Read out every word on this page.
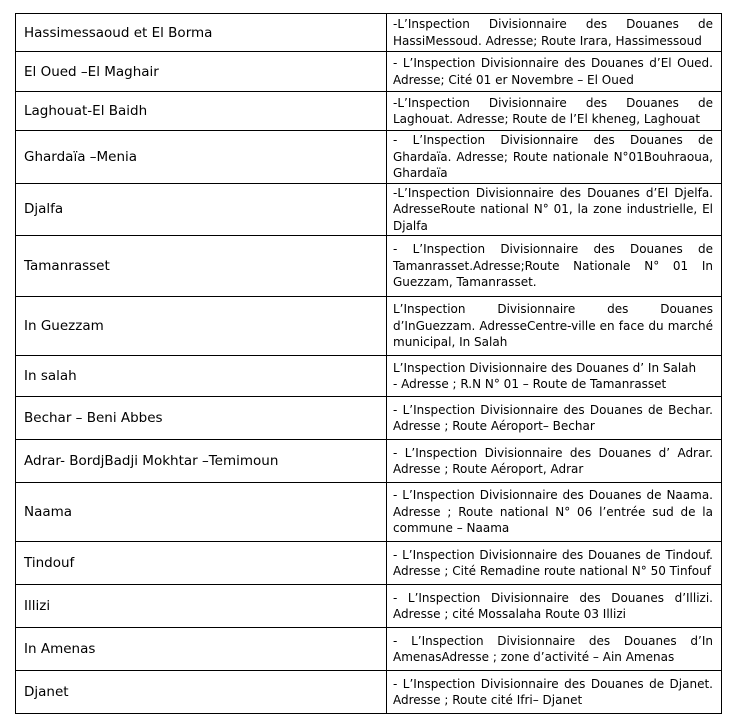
Hassimessaoud et El Borma	-L’Inspection Divisionnaire des Douanes de HassiMessoud. Adresse; Route Irara, Hassimessoud

El Oued –El Maghair	- L’Inspection Divisionnaire des Douanes d’El Oued. Adresse; Cité 01 er Novembre – El Oued

Laghouat-El Baidh	-L’Inspection Divisionnaire des Douanes de Laghouat. Adresse; Route de l’El kheneg, Laghouat

Ghardaïa –Menia	- L’Inspection Divisionnaire des Douanes de Ghardaïa. Adresse; Route nationale N°01Bouhraoua, Ghardaïa

Djalfa	-L’Inspection Divisionnaire des Douanes d’El Djelfa. AdresseRoute national N° 01, la zone industrielle, El Djalfa

Tamanrasset	- L’Inspection Divisionnaire des Douanes de Tamanrasset.Adresse;Route Nationale N° 01 In Guezzam, Tamanrasset.

In Guezzam	L’Inspection Divisionnaire des Douanes d’InGuezzam. AdresseCentre-ville en face du marché municipal, In Salah

In salah	L’Inspection Divisionnaire des Douanes d’ In Salah
- Adresse ; R.N N° 01 – Route de Tamanrasset

Bechar – Beni Abbes	- L’Inspection Divisionnaire des Douanes de Bechar. Adresse ; Route Aéroport– Bechar

Adrar- BordjBadji Mokhtar –Temimoun	- L’Inspection Divisionnaire des Douanes d’ Adrar. Adresse ; Route Aéroport, Adrar

Naama	- L’Inspection Divisionnaire des Douanes de Naama. Adresse ; Route national N° 06 l’entrée sud de la commune – Naama

Tindouf	- L’Inspection Divisionnaire des Douanes de Tindouf. Adresse ; Cité Remadine route national N° 50 Tinfouf

Illizi	- L’Inspection Divisionnaire des Douanes d’Illizi. Adresse ; cité Mossalaha Route 03 Illizi

In Amenas	- L’Inspection Divisionnaire des Douanes d’In AmenasAdresse ; zone d’activité – Ain Amenas

Djanet	- L’Inspection Divisionnaire des Douanes de Djanet. Adresse ; Route cité Ifri– Djanet
